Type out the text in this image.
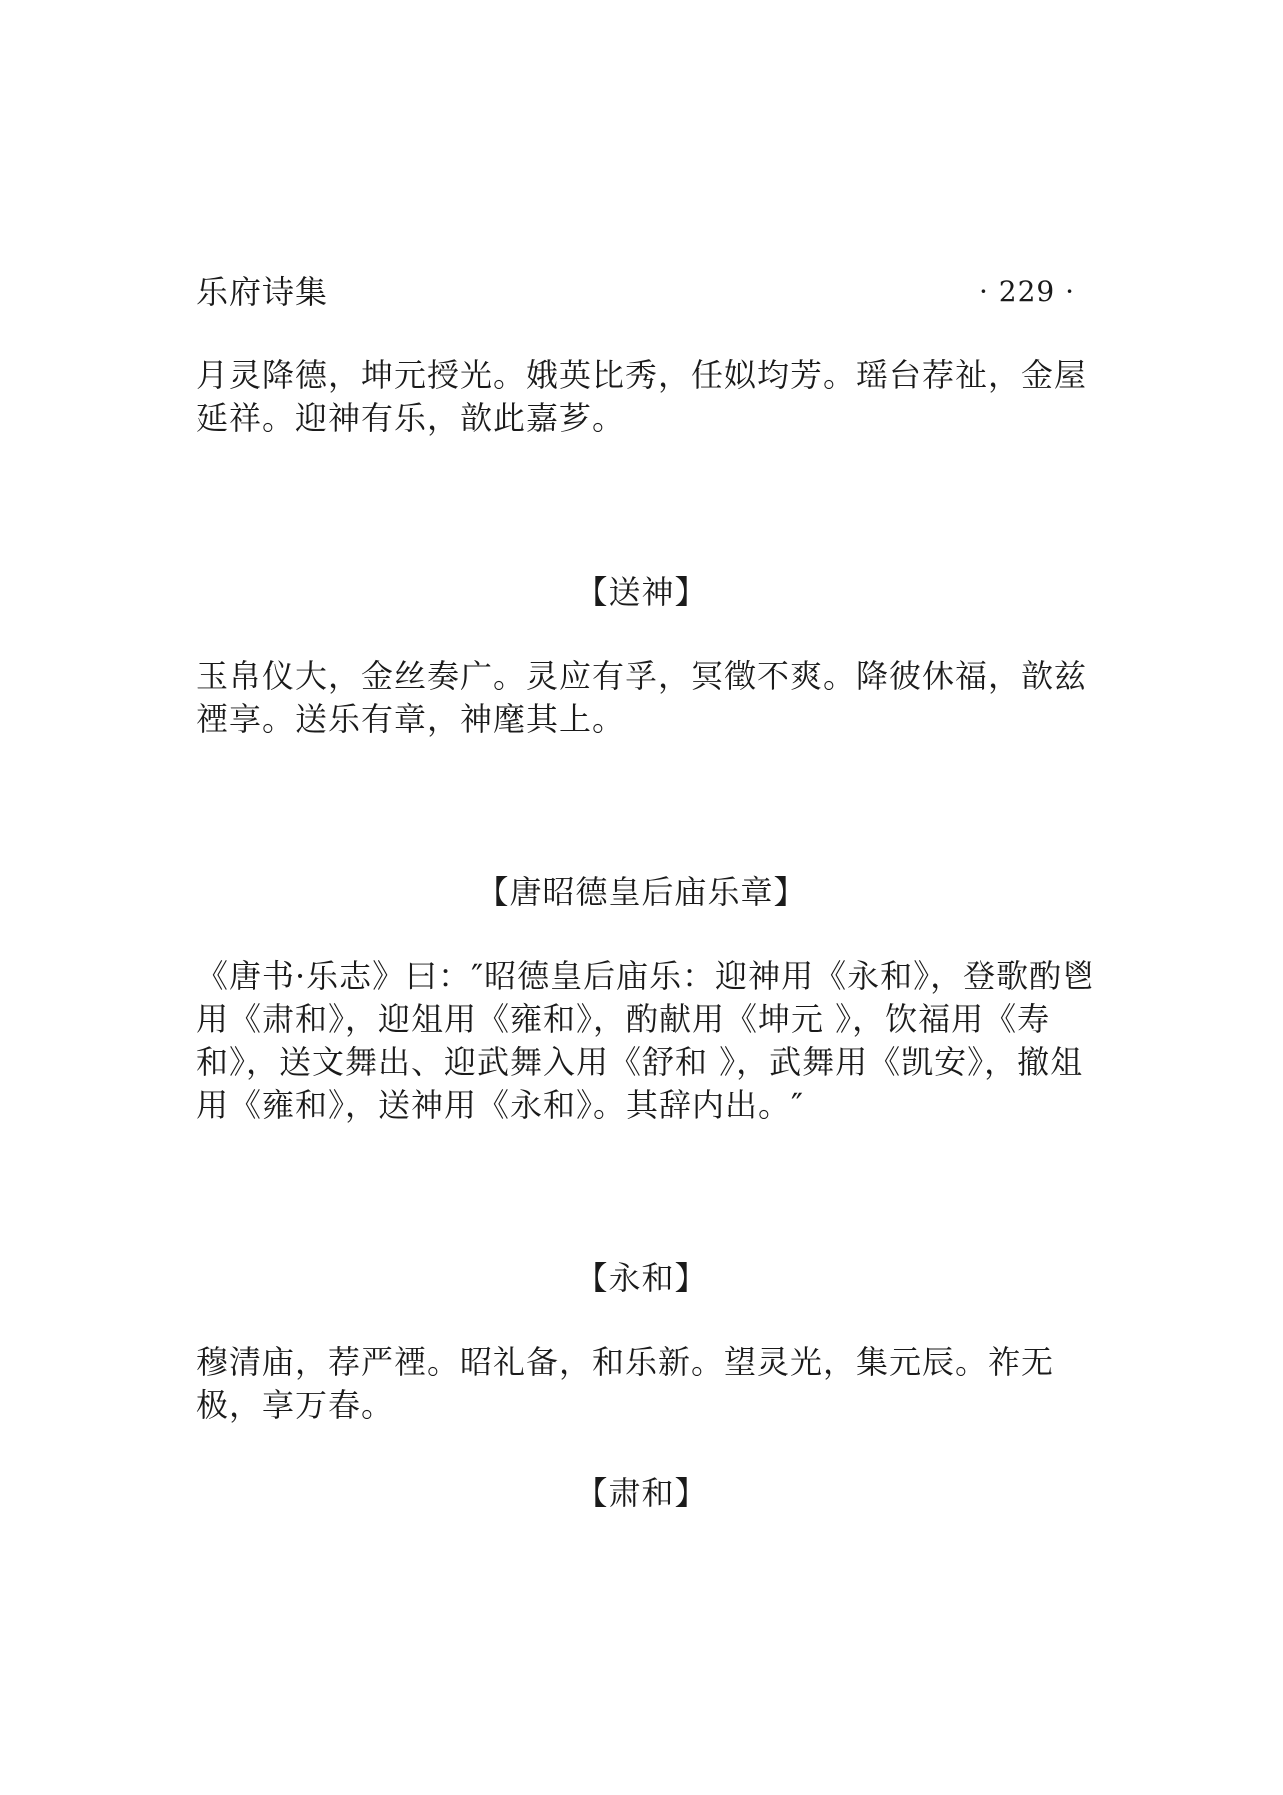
乐府诗集	· 229 ·

月灵降德，坤元授光。娥英比秀，任姒均芳。瑶台荐祉，金屋延祥。迎神有乐，歆此嘉芗。

【送神】

玉帛仪大，金丝奏广。灵应有孚，冥徵不爽。降彼休福，歆兹禋享。送乐有章，神麾其上。

【唐昭德皇后庙乐章】

《唐书·乐志》曰：″昭德皇后庙乐：迎神用《永和》，登歌酌鬯用《肃和》，迎俎用《雍和》，酌献用《坤元 》，饮福用《寿和》，送文舞出、迎武舞入用《舒和 》，武舞用《凯安》，撤俎用《雍和》，送神用《永和》。其辞内出。″

【永和】

穆清庙，荐严禋。昭礼备，和乐新。望灵光，集元辰。祚无极，享万春。

【肃和】
